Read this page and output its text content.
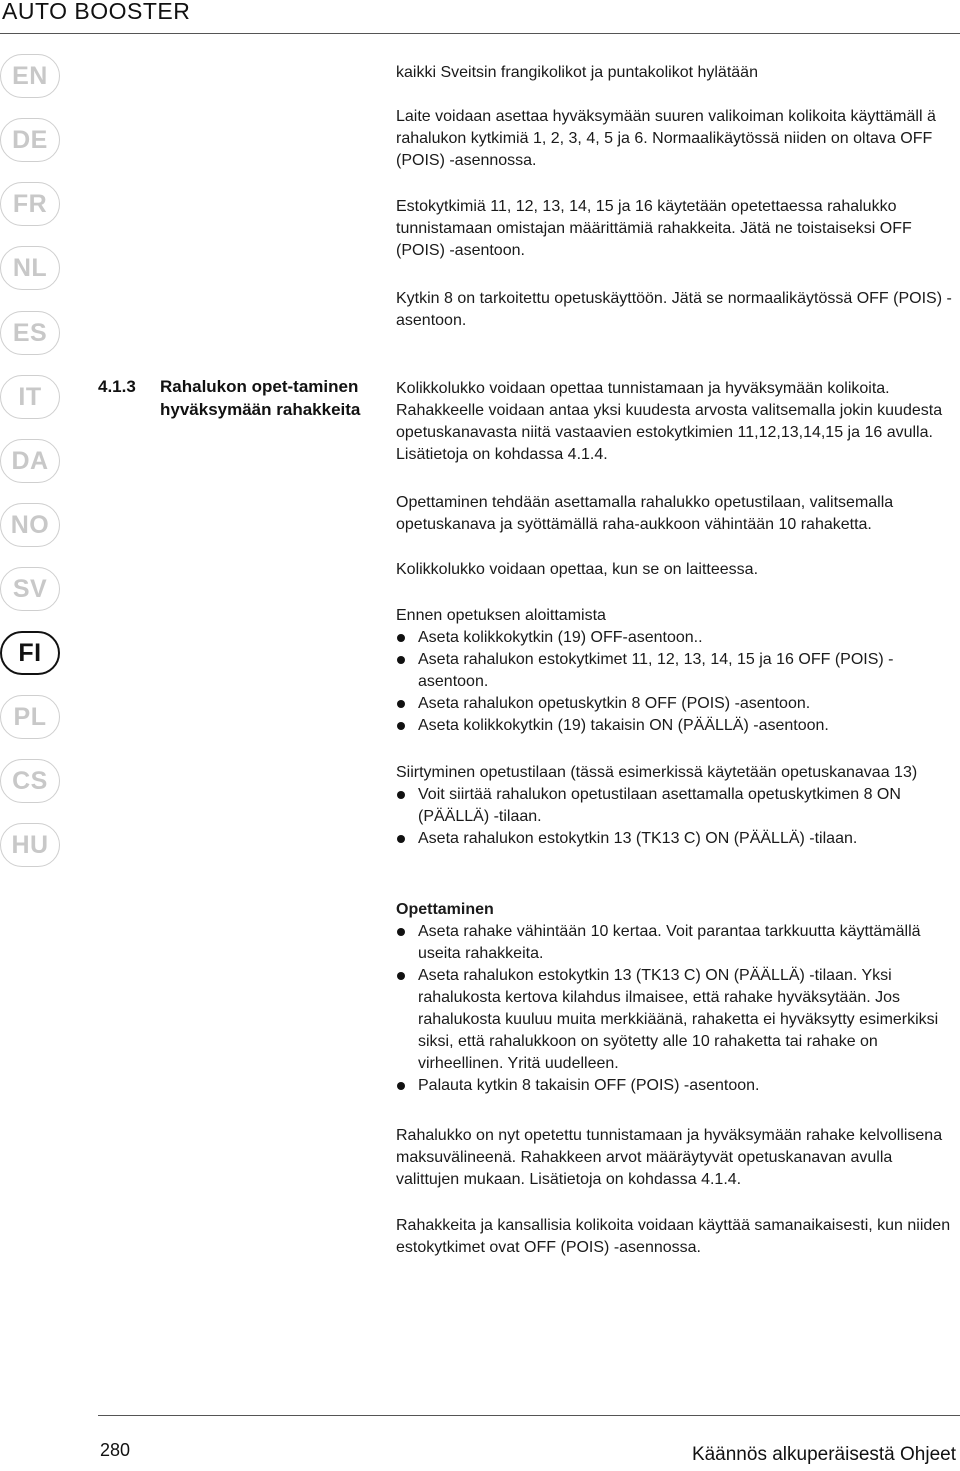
AUTO BOOSTER
EN
DE
FR
NL
ES
IT
DA
NO
SV
FI
PL
CS
HU
4.1.3	Rahalukon opet-taminen hyväksymään rahakkeita

kaikki Sveitsin frangikolikot ja puntakolikot hylätään

Laite voidaan asettaa hyväksymään suuren valikoiman kolikoita käyttämäll ä rahalukon kytkimiä 1, 2, 3, 4, 5 ja 6. Normaalikäytössä niiden on oltava OFF (POIS) -asennossa.

Estokytkimiä 11, 12, 13, 14, 15 ja 16 käytetään opetettaessa rahalukko tunnistamaan omistajan määrittämiä rahakkeita. Jätä ne toistaiseksi OFF (POIS) -asentoon.

Kytkin 8 on tarkoitettu opetuskäyttöön. Jätä se normaalikäytössä OFF (POIS) -asentoon.

Kolikkolukko voidaan opettaa tunnistamaan ja hyväksymään kolikoita. Rahakkeelle voidaan antaa yksi kuudesta arvosta valitsemalla jokin kuudesta opetuskanavasta niitä vastaavien estokytkimien 11,12,13,14,15 ja 16 avulla. Lisätietoja on kohdassa 4.1.4.

Opettaminen tehdään asettamalla rahalukko opetustilaan, valitsemalla opetuskanava ja syöttämällä raha-aukkoon vähintään 10 rahaketta.

Kolikkolukko voidaan opettaa, kun se on laitteessa.

Ennen opetuksen aloittamista
Aseta kolikkokytkin (19) OFF-asentoon..
Aseta rahalukon estokytkimet 11, 12, 13, 14, 15 ja 16 OFF (POIS) -asentoon.
Aseta rahalukon opetuskytkin 8 OFF (POIS) -asentoon.
Aseta kolikkokytkin (19) takaisin ON (PÄÄLLÄ) -asentoon.
Siirtyminen opetustilaan (tässä esimerkissä käytetään opetuskanavaa 13)
Voit siirtää rahalukon opetustilaan asettamalla opetuskytkimen 8 ON (PÄÄLLÄ) -tilaan.
Aseta rahalukon estokytkin 13 (TK13 C) ON (PÄÄLLÄ) -tilaan.
Opettaminen
Aseta rahake vähintään 10 kertaa. Voit parantaa tarkkuutta käyttämällä useita rahakkeita.
Aseta rahalukon estokytkin 13 (TK13 C) ON (PÄÄLLÄ) -tilaan. Yksi rahalukosta kertova kilahdus ilmaisee, että rahake hyväksytään. Jos rahalukosta kuuluu muita merkkiäänä, rahaketta ei hyväksytty esimerkiksi siksi, että rahalukkoon on syötetty alle 10 rahaketta tai rahake on virheellinen. Yritä uudelleen.
Palauta kytkin 8 takaisin OFF (POIS) -asentoon.

Rahalukko on nyt opetettu tunnistamaan ja hyväksymään rahake kelvollisena maksuvälineenä. Rahakkeen arvot määräytyvät opetuskanavan avulla valittujen mukaan. Lisätietoja on kohdassa 4.1.4.

Rahakkeita ja kansallisia kolikoita voidaan käyttää samanaikaisesti, kun niiden estokytkimet ovat OFF (POIS) -asennossa.

280	Käännös alkuperäisestä Ohjeet
